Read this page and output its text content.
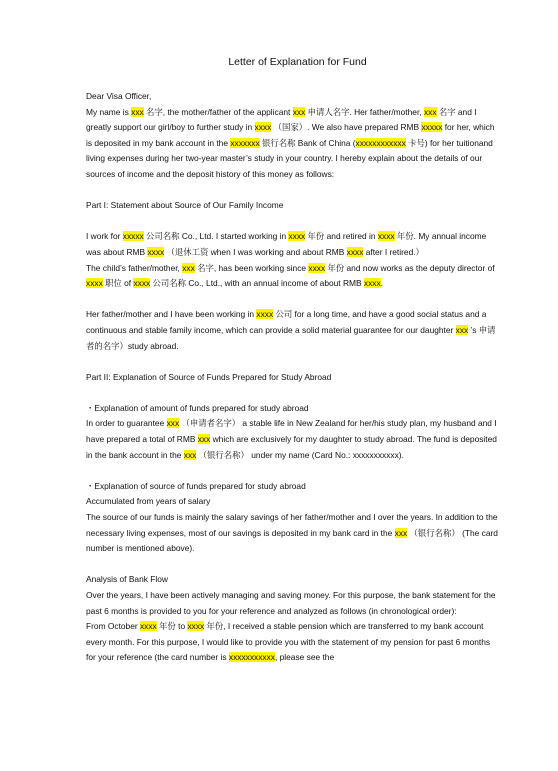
Letter of Explanation for Fund
Dear Visa Officer,
My name is xxx 名字, the mother/father of the applicant xxx 申请人名字. Her father/mother, xxx 名字 and I greatly support our girl/boy to further study in xxxx （国家）. We also have prepared RMB xxxxx for her, which is deposited in my bank account in the xxxxxxx 银行名称 Bank of China (xxxxxxxxxxxx 卡号) for her tuitionand living expenses during her two-year master’s study in your country. I hereby explain about the details of our sources of income and the deposit history of this money as follows:
Part I: Statement about Source of Our Family Income
I work for xxxxx 公司名称 Co., Ltd. I started working in xxxx 年份 and retired in xxxx 年份. My annual income was about RMB xxxx （退休工资 when I was working and about RMB xxxx after I retired.）
The child’s father/mother, xxx 名字, has been working since xxxx 年份 and now works as the deputy director of xxxx 职位 of xxxx 公司名称 Co., Ltd., with an annual income of about RMB xxxx.
Her father/mother and I have been working in xxxx 公司 for a long time, and have a good social status and a continuous and stable family income, which can provide a solid material guarantee for our daughter xxx ’s 申请者的名字）study abroad.
Part II: Explanation of Source of Funds Prepared for Study Abroad
・Explanation of amount of funds prepared for study abroad
In order to guarantee xxx （申请者名字） a stable life in New Zealand for her/his study plan, my husband and I have prepared a total of RMB xxx which are exclusively for my daughter to study abroad. The fund is deposited in the bank account in the xxx （银行名称） under my name (Card No.: xxxxxxxxxxx).
・Explanation of source of funds prepared for study abroad
Accumulated from years of salary
The source of our funds is mainly the salary savings of her father/mother and I over the years. In addition to the necessary living expenses, most of our savings is deposited in my bank card in the xxx （银行名称） (The card number is mentioned above).
Analysis of Bank Flow
Over the years, I have been actively managing and saving money. For this purpose, the bank statement for the past 6 months is provided to you for your reference and analyzed as follows (in chronological order):
From October xxxx 年份 to xxxx 年份, I received a stable pension which are transferred to my bank account every month. For this purpose, I would like to provide you with the statement of my pension for past 6 months for your reference (the card number is xxxxxxxxxxx, please see the
